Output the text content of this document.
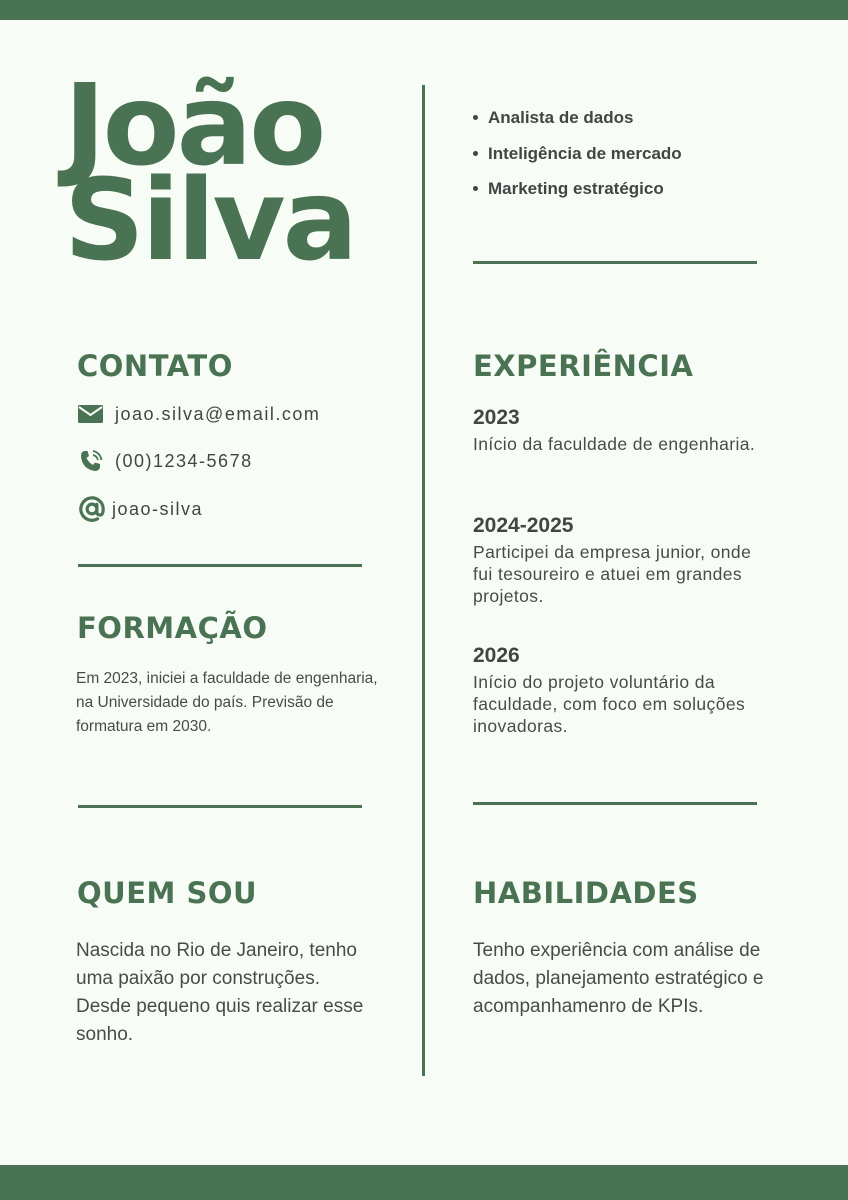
João
Silva
Analista de dados
Inteligência de mercado
Marketing estratégico
CONTATO
joao.silva@email.com
(00)1234-5678
joao-silva
FORMAÇÃO

Em 2023, iniciei a faculdade de engenharia, na Universidade do país. Previsão de formatura em 2030.

QUEM SOU

Nascida no Rio de Janeiro, tenho uma paixão por construções. Desde pequeno quis realizar esse sonho.

EXPERIÊNCIA
2023
Início da faculdade de engenharia.
2024-2025
Participei da empresa junior, onde fui tesoureiro e atuei em grandes projetos.
2026
Início do projeto voluntário da faculdade, com foco em soluções inovadoras.
HABILIDADES

Tenho experiência com análise de dados, planejamento estratégico e acompanhamenro de KPIs.
